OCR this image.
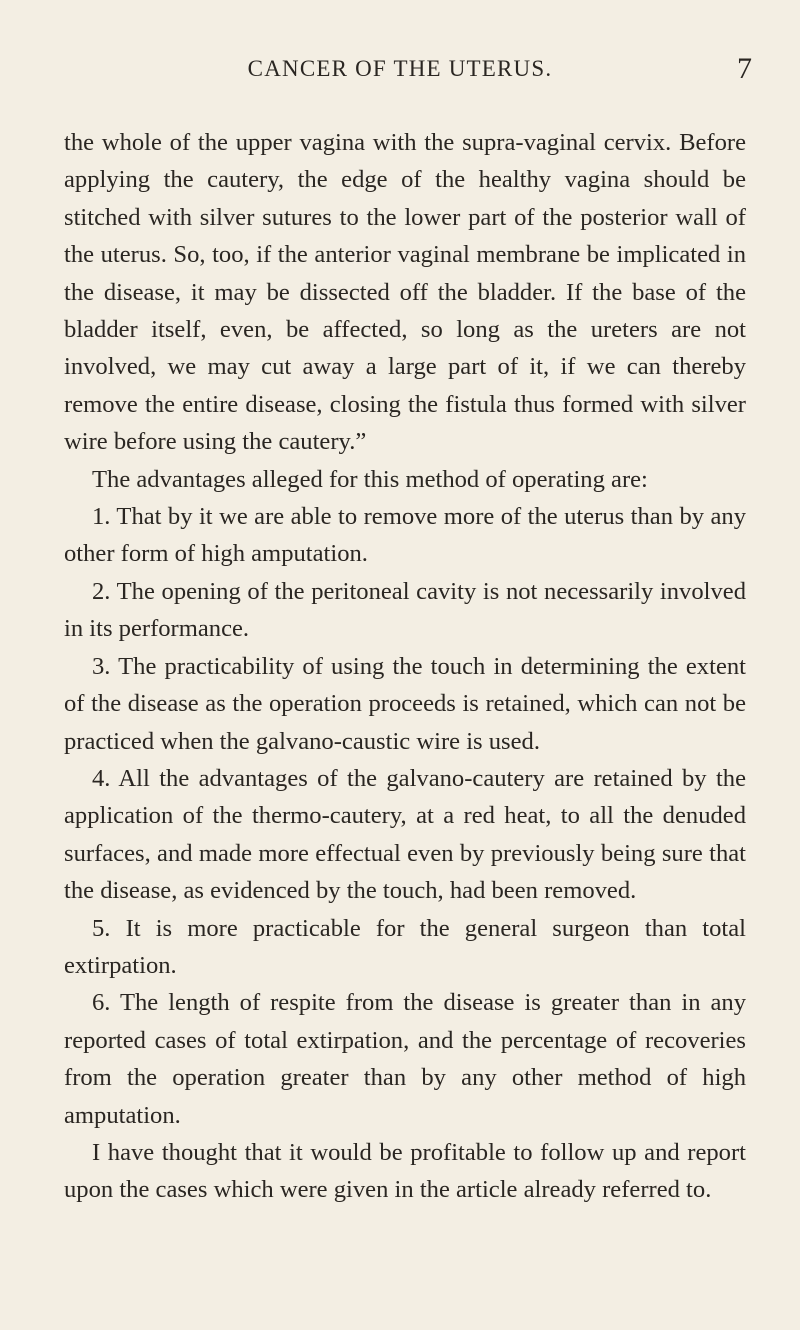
CANCER OF THE UTERUS.	7

the whole of the upper vagina with the supra-vaginal cervix. Before applying the cautery, the edge of the healthy vagina should be stitched with silver sutures to the lower part of the posterior wall of the uterus. So, too, if the anterior vaginal membrane be implicated in the disease, it may be dissected off the bladder. If the base of the bladder itself, even, be affected, so long as the ureters are not involved, we may cut away a large part of it, if we can thereby remove the entire disease, closing the fistula thus formed with silver wire before using the cautery.”

The advantages alleged for this method of operating are:

1. That by it we are able to remove more of the uterus than by any other form of high amputation.

2. The opening of the peritoneal cavity is not necessarily involved in its performance.

3. The practicability of using the touch in determining the extent of the disease as the operation proceeds is retained, which can not be practiced when the galvano-caustic wire is used.

4. All the advantages of the galvano-cautery are retained by the application of the thermo-cautery, at a red heat, to all the denuded surfaces, and made more effectual even by previously being sure that the disease, as evidenced by the touch, had been removed.

5. It is more practicable for the general surgeon than total extirpation.

6. The length of respite from the disease is greater than in any reported cases of total extirpation, and the percentage of recoveries from the operation greater than by any other method of high amputation.

I have thought that it would be profitable to follow up and report upon the cases which were given in the article already referred to.
